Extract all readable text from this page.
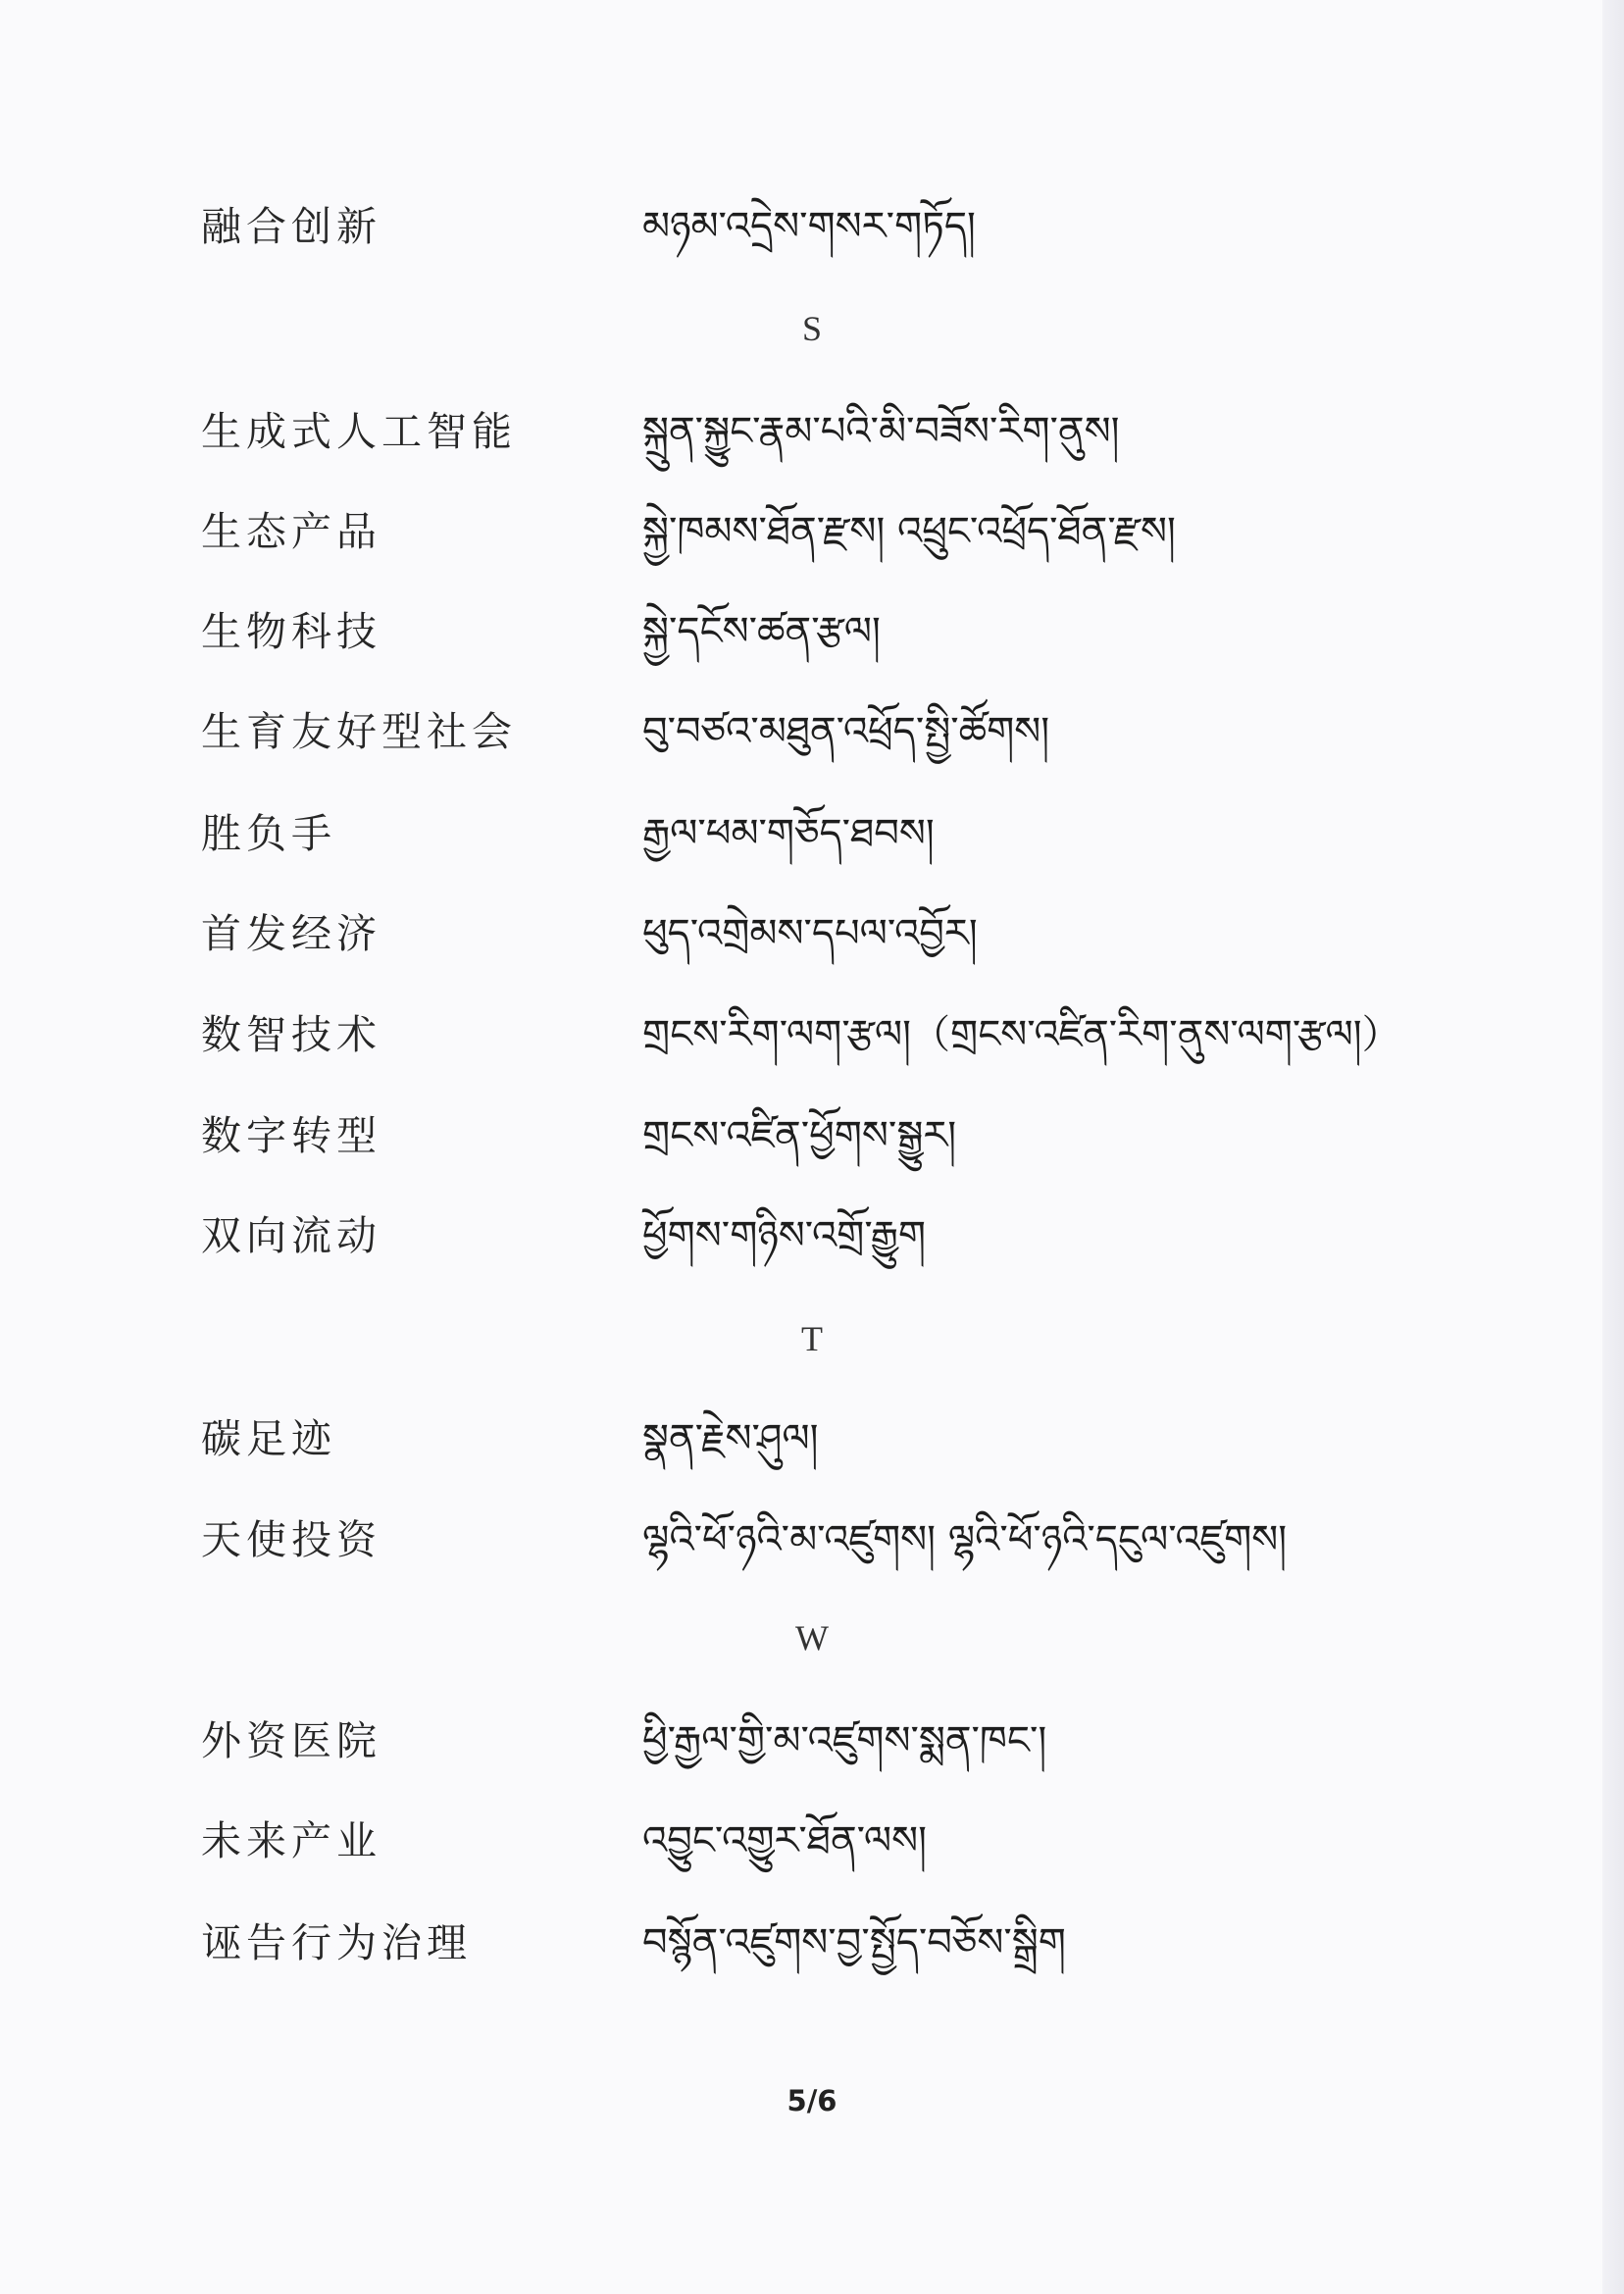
融合创新	མཉམ་འདྲེས་གསར་གཏོད།
S
生成式人工智能	སྐྲུན་སྐྱུང་རྣམ་པའི་མི་བཟོས་རིག་ནུས།
生态产品	སྐྱེ་ཁམས་ཐོན་རྫས། འཕྲུང་འཕྲོད་ཐོན་རྫས།
生物科技	སྐྱེ་དངོས་ཚན་རྩལ།
生育友好型社会	བུ་བཙའ་མཐུན་འཕྲོད་སྤྱི་ཚོགས།
胜负手	རྒྱལ་ཕམ་གཅོད་ཐབས།
首发经济	ཕུད་འགྲེམས་དཔལ་འབྱོར།
数智技术	གྲངས་རིག་ལག་རྩལ།（གྲངས་འཛིན་རིག་ནུས་ལག་རྩལ།）
数字转型	གྲངས་འཛིན་ཕྱོགས་སྒྱུར།
双向流动	ཕྱོགས་གཉིས་འགྲོ་རྒྱུག
T
碳足迹	སྣན་རྗེས་ཤུལ།
天使投资	ལྷའི་ཕོ་ཉའི་མ་འཛུགས། ལྷའི་ཕོ་ཉའི་དངུལ་འཛུགས།
W
外资医院	ཕྱི་རྒྱལ་གྱི་མ་འཛུགས་སྨན་ཁང་།
未来产业	འབྱུང་འགྱུར་ཐོན་ལས།
诬告行为治理	བསྙོན་འཛུགས་བྱ་སྤྱོད་བཅོས་སྒྲིག
5/6
